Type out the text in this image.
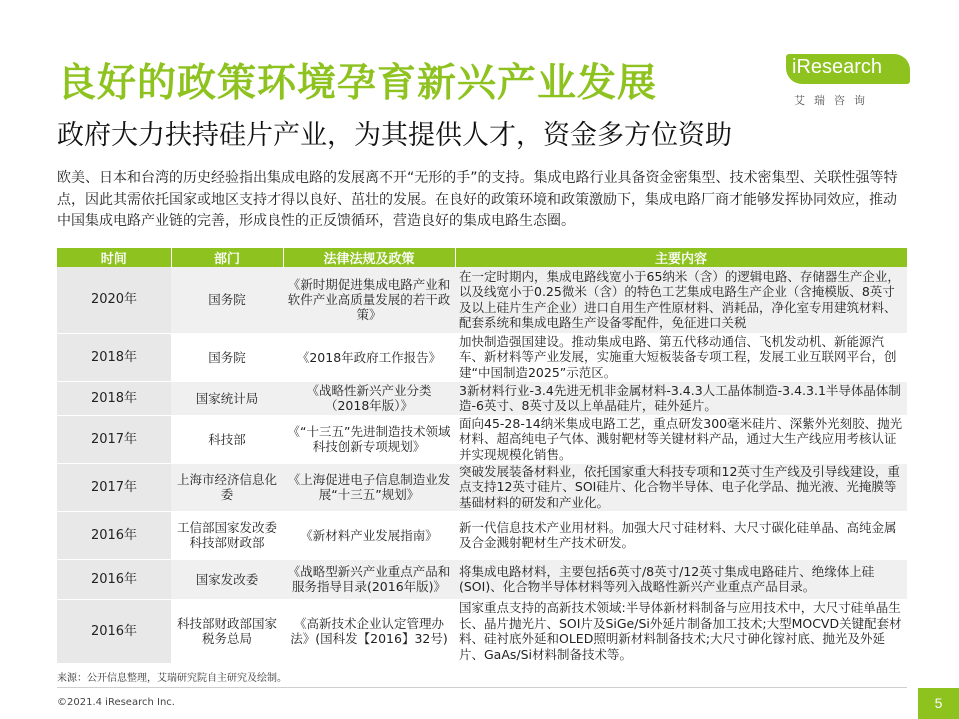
良好的政策环境孕育新兴产业发展
政府大力扶持硅片产业，为其提供人才，资金多方位资助
iResearch
艾瑞咨询
欧美、日本和台湾的历史经验指出集成电路的发展离不开“无形的手”的支持。集成电路行业具备资金密集型、技术密集型、关联性强等特点，因此其需依托国家或地区支持才得以良好、茁壮的发展。在良好的政策环境和政策激励下，集成电路厂商才能够发挥协同效应，推动中国集成电路产业链的完善，形成良性的正反馈循环，营造良好的集成电路生态圈。
时间	部门	法律法规及政策	主要内容
2020年	国务院	《新时期促进集成电路产业和软件产业高质量发展的若干政策》	在一定时期内，集成电路线宽小于65纳米（含）的逻辑电路、存储器生产企业，以及线宽小于0.25微米（含）的特色工艺集成电路生产企业（含掩模版、8英寸及以上硅片生产企业）进口自用生产性原材料、消耗品，净化室专用建筑材料、配套系统和集成电路生产设备零配件，免征进口关税
2018年	国务院	《2018年政府工作报告》	加快制造强国建设。推动集成电路、第五代移动通信、飞机发动机、新能源汽车、新材料等产业发展，实施重大短板装备专项工程，发展工业互联网平台，创建“中国制造2025”示范区。
2018年	国家统计局	《战略性新兴产业分类（2018年版）》	3新材料行业-3.4先进无机非金属材料-3.4.3人工晶体制造-3.4.3.1半导体晶体制造-6英寸、8英寸及以上单晶硅片，硅外延片。
2017年	科技部	《“十三五”先进制造技术领域科技创新专项规划》	面向45-28-14纳米集成电路工艺，重点研发300毫米硅片、深紫外光刻胶、抛光材料、超高纯电子气体、溅射靶材等关键材料产品，通过大生产线应用考核认证并实现规模化销售。
2017年	上海市经济信息化委	《上海促进电子信息制造业发展“十三五”规划》	突破发展装备材料业，依托国家重大科技专项和12英寸生产线及引导线建设，重点支持12英寸硅片、SOI硅片、化合物半导体、电子化学品、抛光液、光掩膜等基础材料的研发和产业化。
2016年	工信部国家发改委科技部财政部	《新材料产业发展指南》	新一代信息技术产业用材料。加强大尺寸硅材料、大尺寸碳化硅单晶、高纯金属及合金溅射靶材生产技术研发。
2016年	国家发改委	《战略型新兴产业重点产品和服务指导目录(2016年版)》	将集成电路材料，主要包括6英寸/8英寸/12英寸集成电路硅片、绝缘体上硅(SOI)、化合物半导体材料等列入战略性新兴产业重点产品目录。
2016年	科技部财政部国家税务总局	《高新技术企业认定管理办法》(国科发【2016】32号)	国家重点支持的高新技术领域:半导体新材料制备与应用技术中，大尺寸硅单晶生长、晶片抛光片、SOI片及SiGe/Si外延片制备加工技术;大型MOCVD关键配套材料、硅衬底外延和OLED照明新材料制备技术;大尺寸砷化镓衬底、抛光及外延片、GaAs/Si材料制备技术等。
来源：公开信息整理，艾瑞研究院自主研究及绘制。
©2021.4 iResearch Inc.	5
